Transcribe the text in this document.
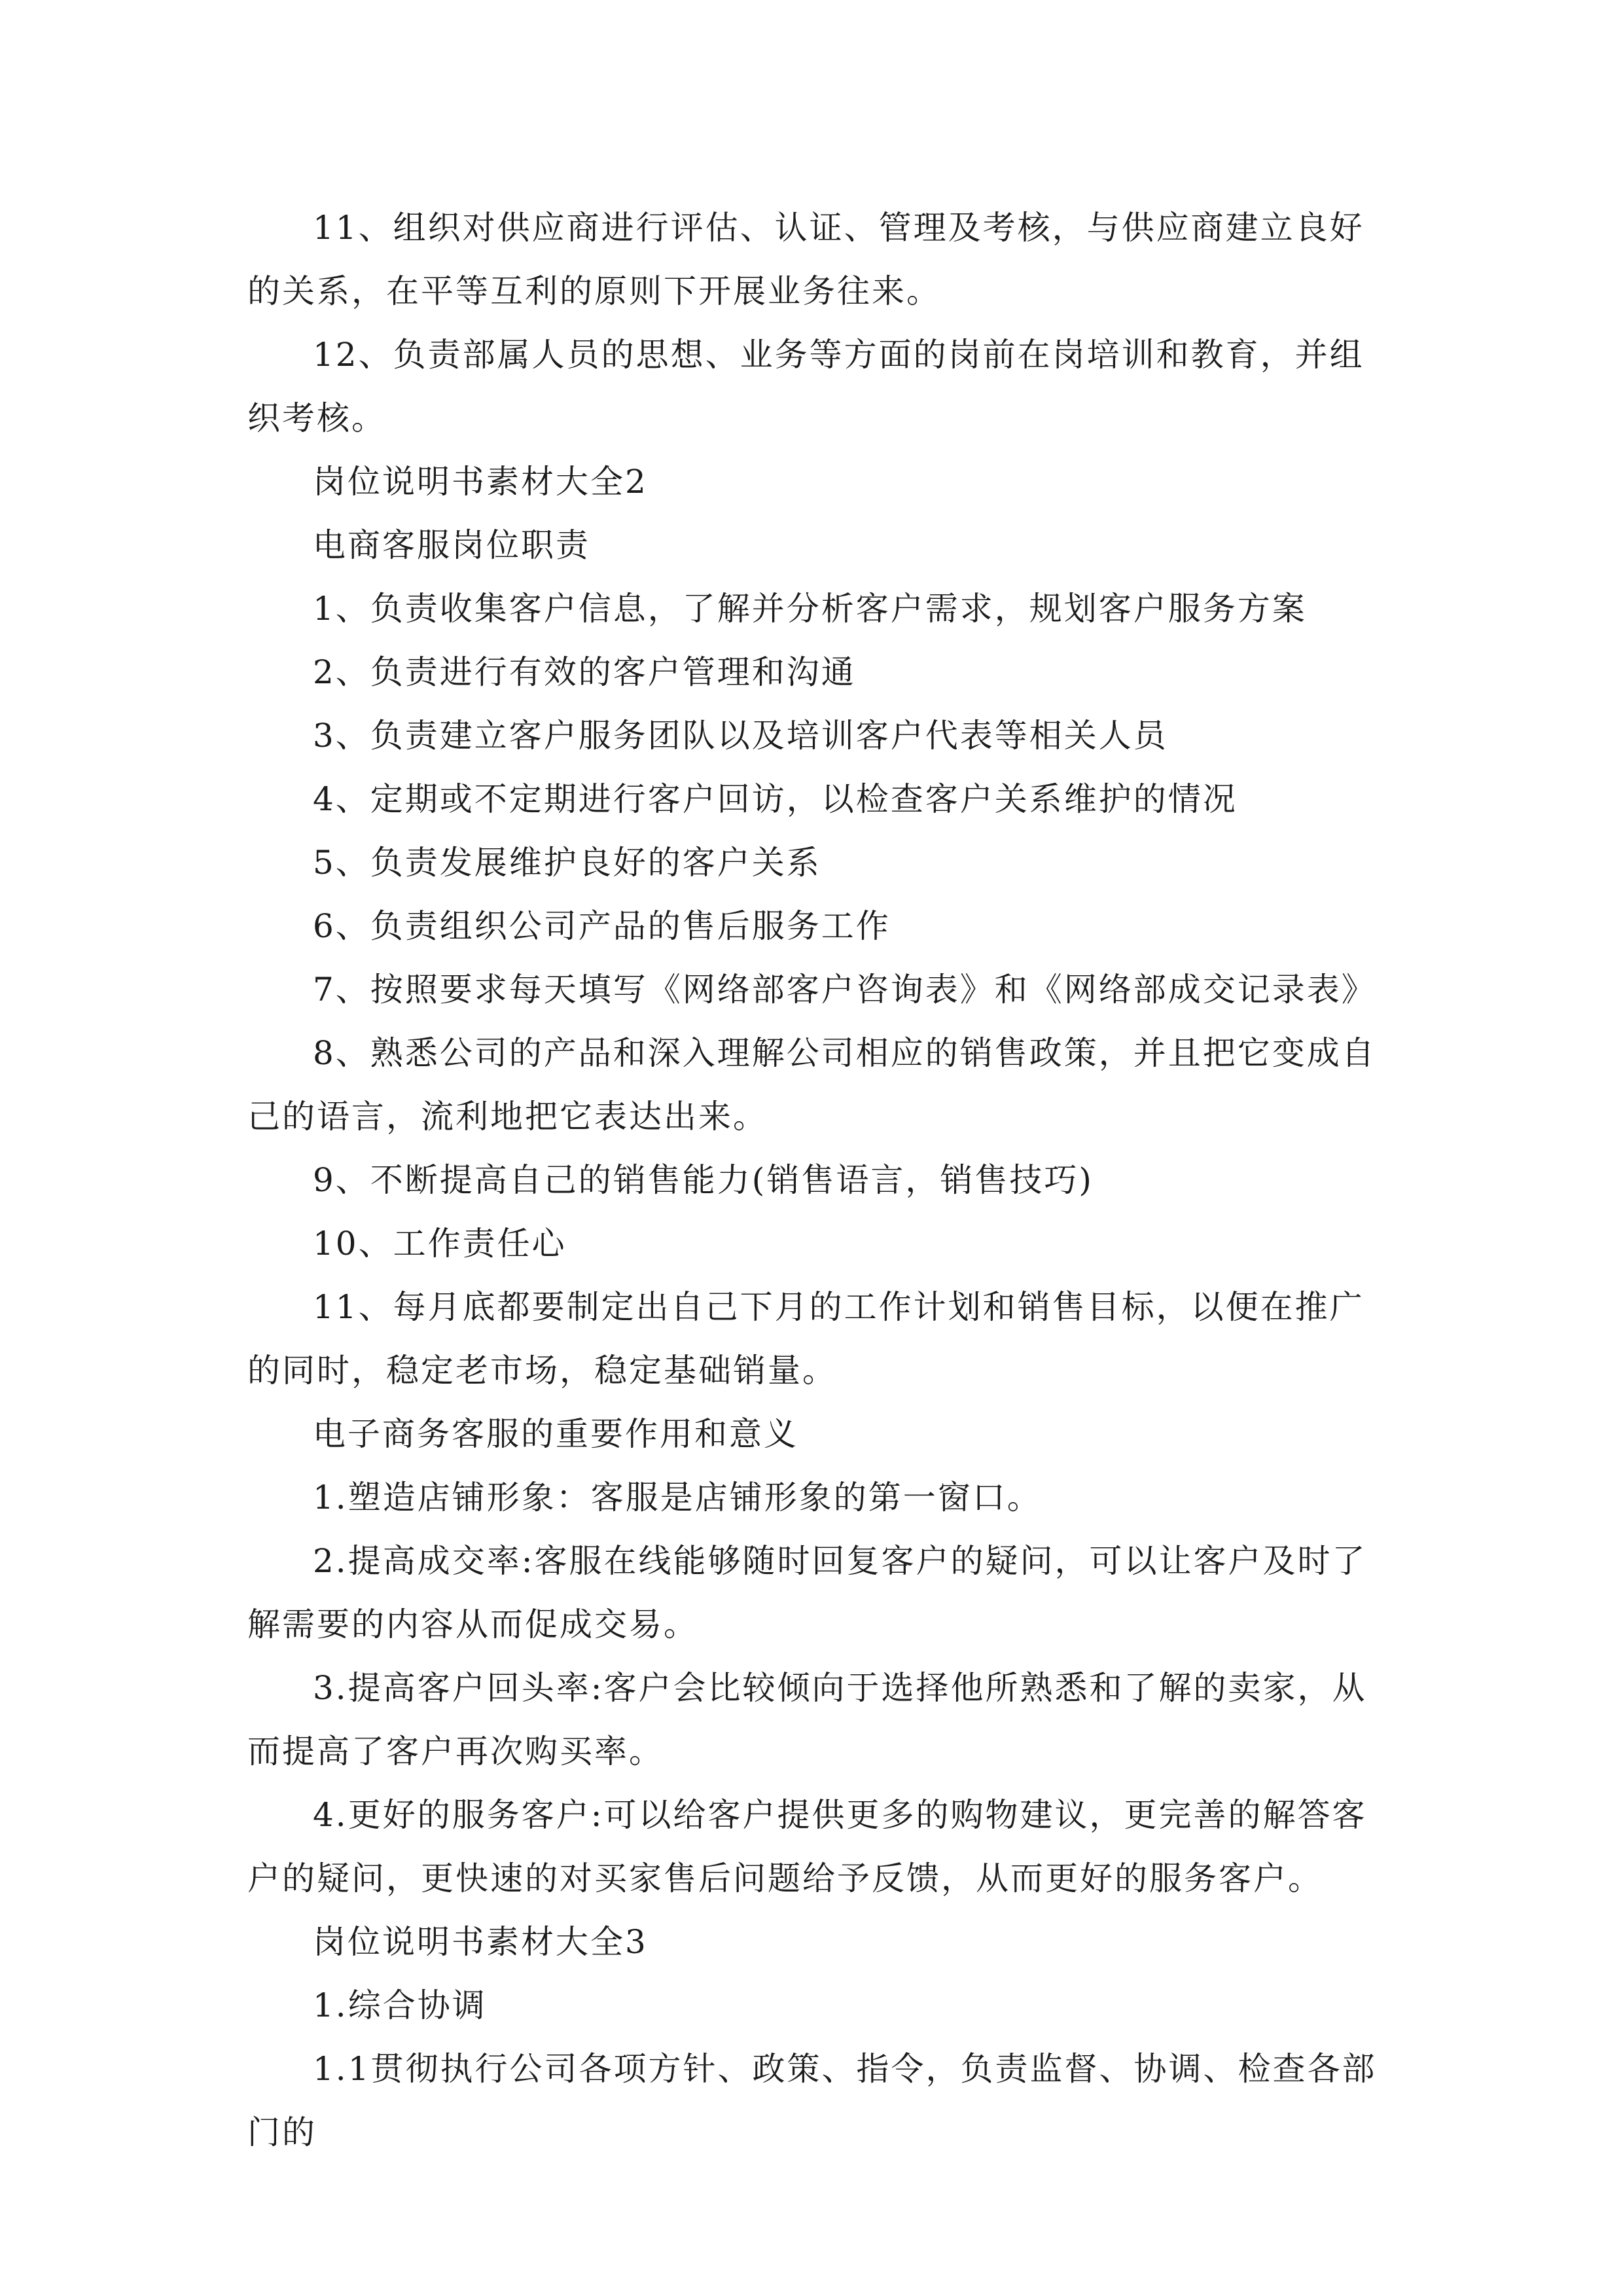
11、组织对供应商进行评估、认证、管理及考核，与供应商建立良好的关系，在平等互利的原则下开展业务往来。

12、负责部属人员的思想、业务等方面的岗前在岗培训和教育，并组织考核。

岗位说明书素材大全2

电商客服岗位职责

1、负责收集客户信息，了解并分析客户需求，规划客户服务方案

2、负责进行有效的客户管理和沟通

3、负责建立客户服务团队以及培训客户代表等相关人员

4、定期或不定期进行客户回访，以检查客户关系维护的情况

5、负责发展维护良好的客户关系

6、负责组织公司产品的售后服务工作

7、按照要求每天填写《网络部客户咨询表》和《网络部成交记录表》

8、熟悉公司的产品和深入理解公司相应的销售政策，并且把它变成自己的语言，流利地把它表达出来。

9、不断提高自己的销售能力(销售语言，销售技巧)

10、工作责任心

11、每月底都要制定出自己下月的工作计划和销售目标，以便在推广的同时，稳定老市场，稳定基础销量。

电子商务客服的重要作用和意义

1.塑造店铺形象：客服是店铺形象的第一窗口。

2.提高成交率:客服在线能够随时回复客户的疑问，可以让客户及时了解需要的内容从而促成交易。

3.提高客户回头率:客户会比较倾向于选择他所熟悉和了解的卖家，从而提高了客户再次购买率。

4.更好的服务客户:可以给客户提供更多的购物建议，更完善的解答客户的疑问，更快速的对买家售后问题给予反馈，从而更好的服务客户。

岗位说明书素材大全3

1.综合协调

1.1贯彻执行公司各项方针、政策、指令，负责监督、协调、检查各部门的
